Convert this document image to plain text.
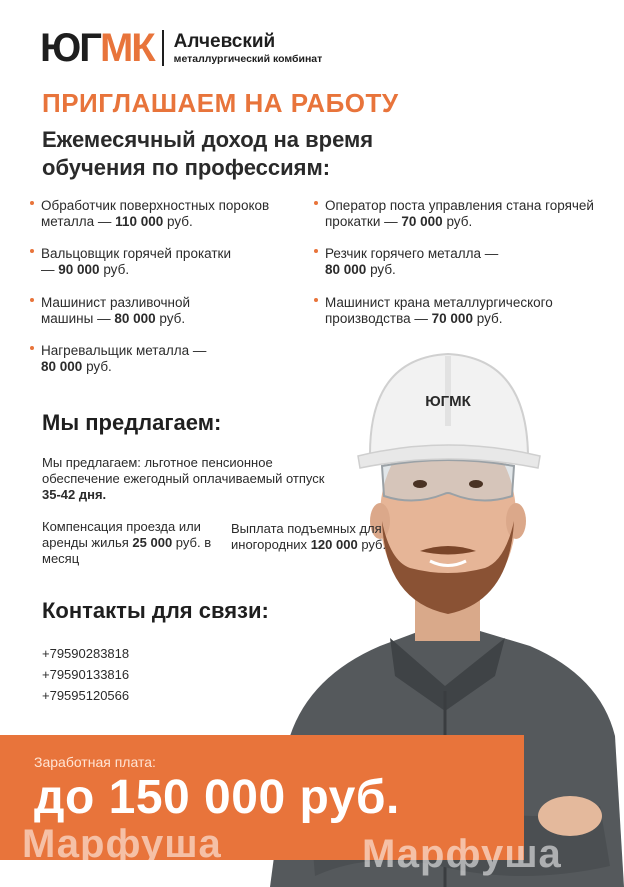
ЮГМК Алчевский
металлургический комбинат
ПРИГЛАШАЕМ НА РАБОТУ
Ежемесячный доход на время обучения по профессиям:
Обработчик поверхностных пороков металла — 110 000 руб.
Оператор поста управления стана горячей прокатки — 70 000 руб.
Вальцовщик горячей прокатки — 90 000 руб.
Резчик горячего металла — 80 000 руб.
Машинист разливочной машины — 80 000 руб.
Машинист крана металлургического производства — 70 000 руб.
Нагревальщик металла — 80 000 руб.
ЮГМК
Мы предлагаем:
Мы предлагаем: льготное пенсионное обеспечение ежегодный оплачиваемый отпуск 35-42 дня.
Компенсация проезда или аренды жилья 25 000 руб. в месяц
Выплата подъемных для иногородних 120 000 руб.
Контакты для связи:
+79590283818
+79590133816
+79595120566
Заработная плата:
до 150 000 руб.
Марфуша	Марфуша
